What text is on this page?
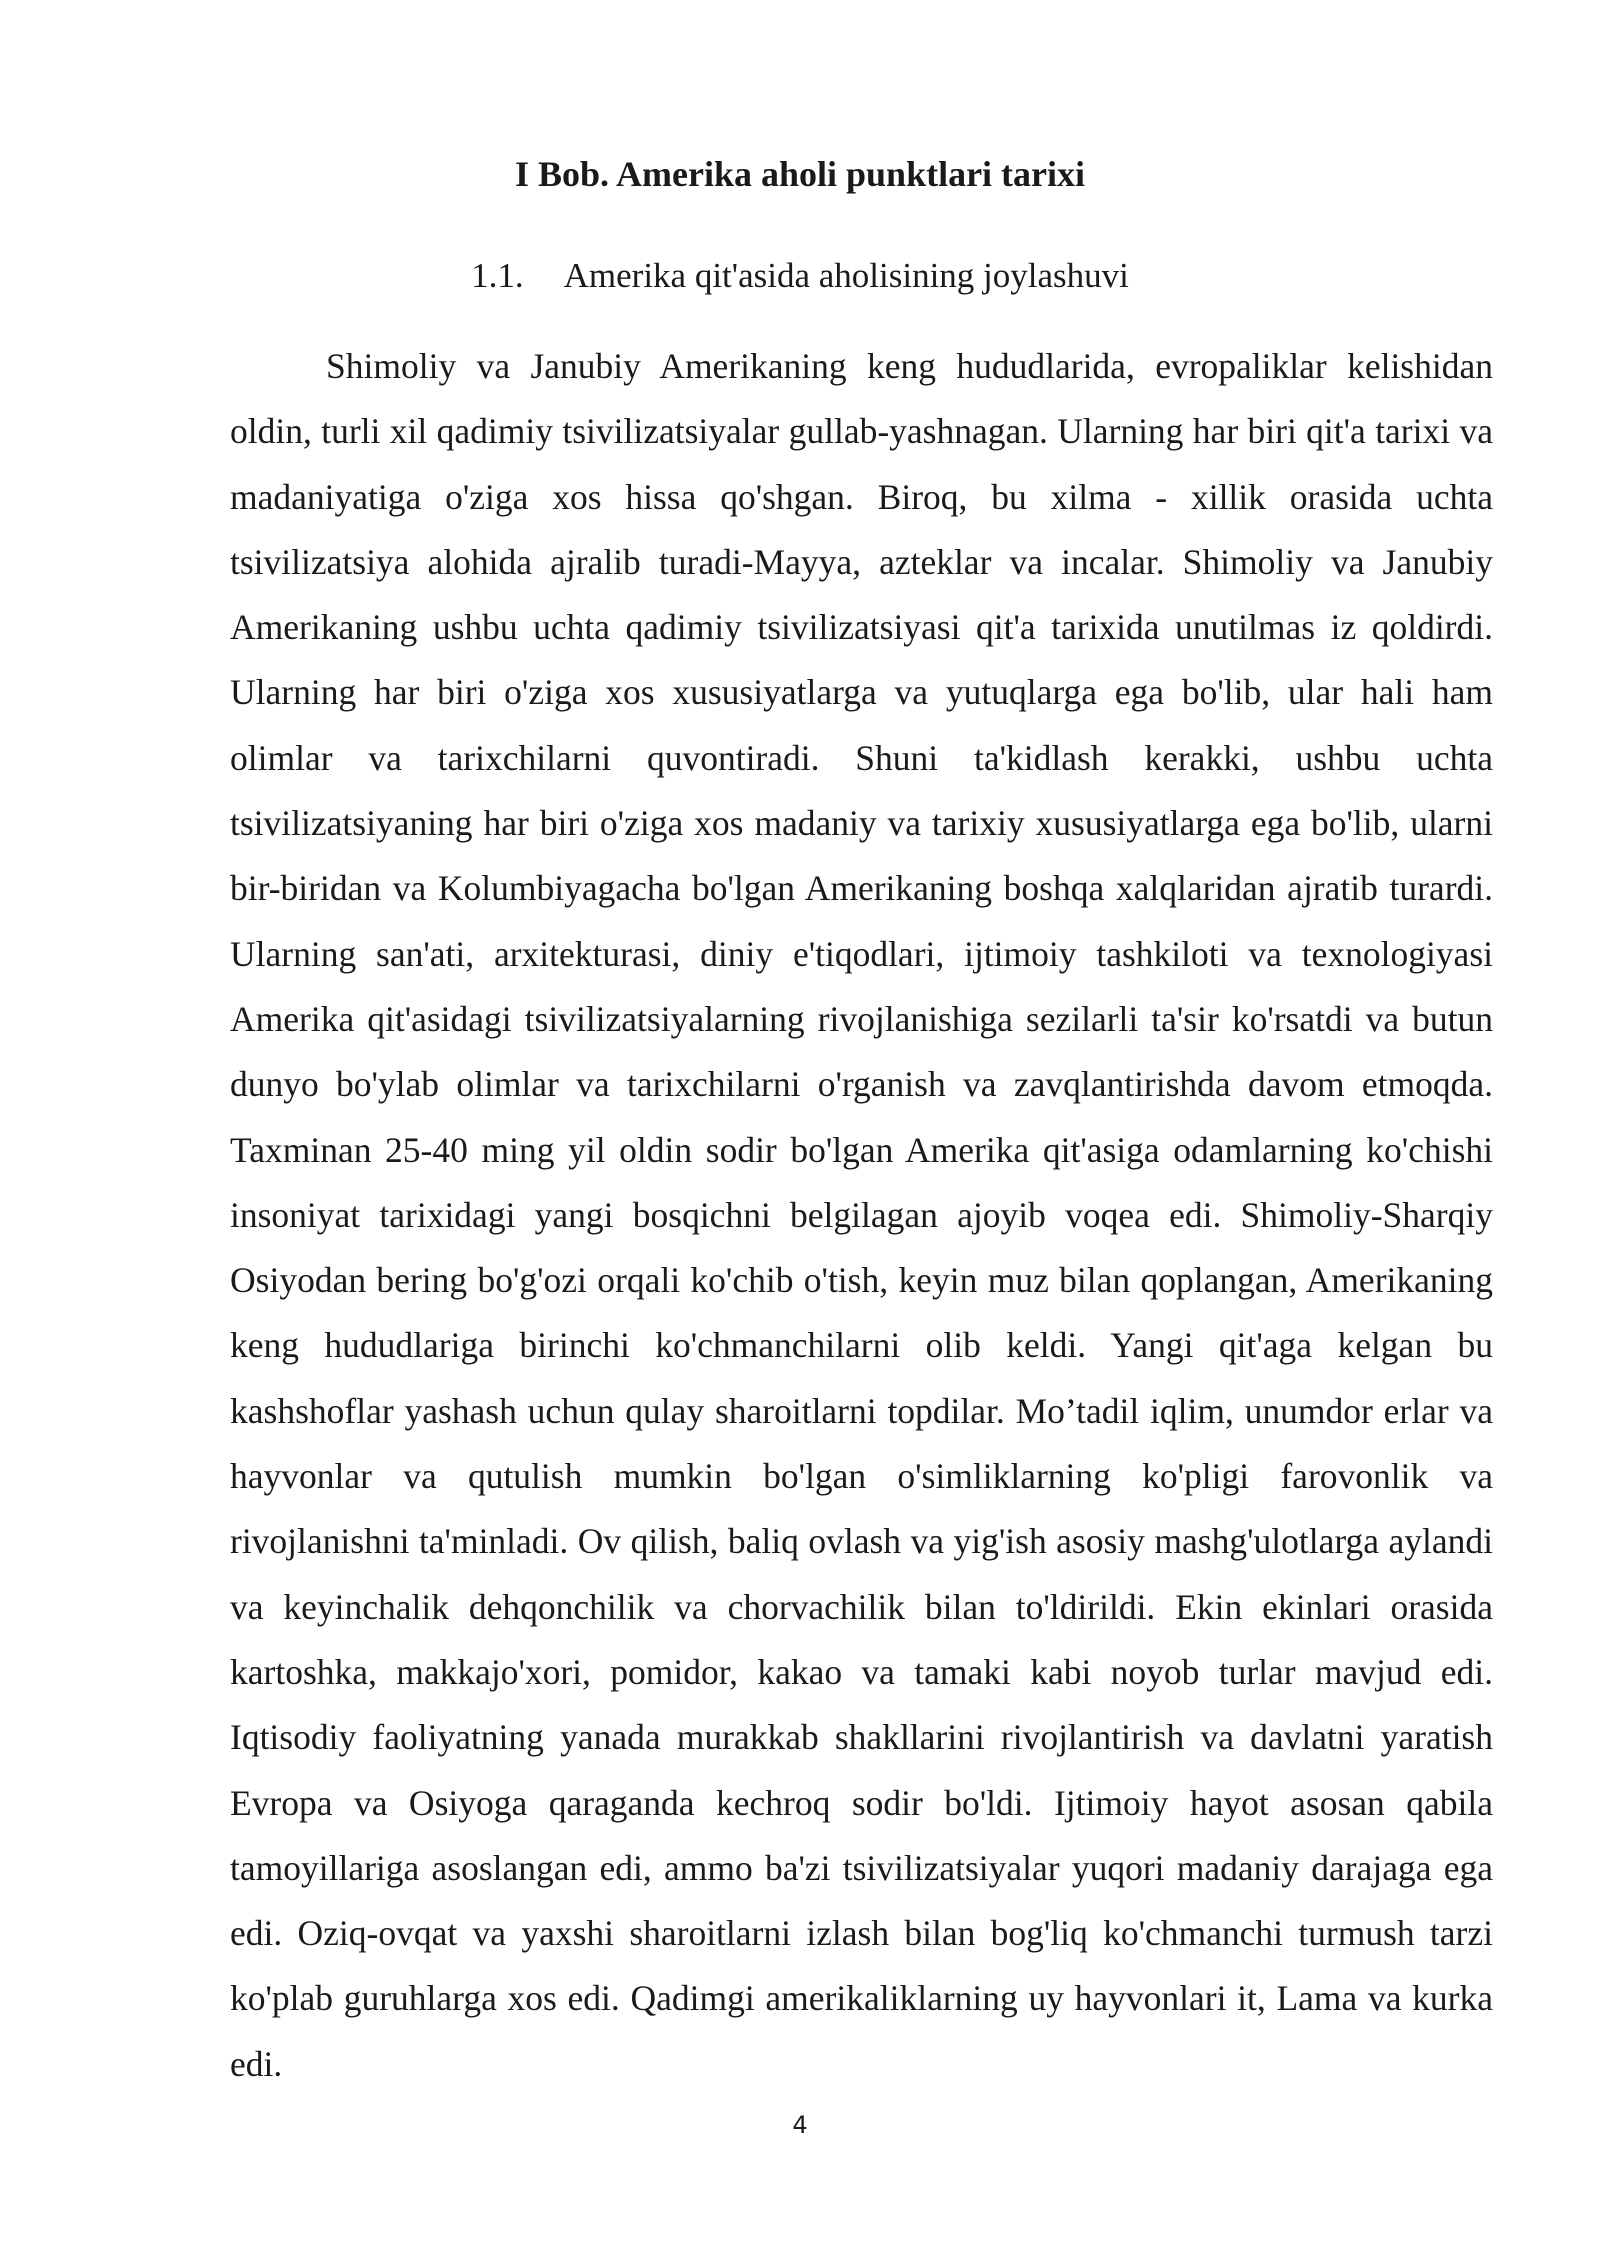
I Bob. Amerika aholi punktlari tarixi
1.1. Amerika qit'asida aholisining joylashuvi

Shimoliy va Janubiy Amerikaning keng hududlarida, evropaliklar kelishidan oldin, turli xil qadimiy tsivilizatsiyalar gullab-yashnagan. Ularning har biri qit'a tarixi va madaniyatiga o'ziga xos hissa qo'shgan. Biroq, bu xilma - xillik orasida uchta tsivilizatsiya alohida ajralib turadi-Mayya, azteklar va incalar. Shimoliy va Janubiy Amerikaning ushbu uchta qadimiy tsivilizatsiyasi qit'a tarixida unutilmas iz qoldirdi. Ularning har biri o'ziga xos xususiyatlarga va yutuqlarga ega bo'lib, ular hali ham olimlar va tarixchilarni quvontiradi. Shuni ta'kidlash kerakki, ushbu uchta tsivilizatsiyaning har biri o'ziga xos madaniy va tarixiy xususiyatlarga ega bo'lib, ularni bir-biridan va Kolumbiyagacha bo'lgan Amerikaning boshqa xalqlaridan ajratib turardi. Ularning san'ati, arxitekturasi, diniy e'tiqodlari, ijtimoiy tashkiloti va texnologiyasi Amerika qit'asidagi tsivilizatsiyalarning rivojlanishiga sezilarli ta'sir ko'rsatdi va butun dunyo bo'ylab olimlar va tarixchilarni o'rganish va zavqlantirishda davom etmoqda. Taxminan 25-40 ming yil oldin sodir bo'lgan Amerika qit'asiga odamlarning ko'chishi insoniyat tarixidagi yangi bosqichni belgilagan ajoyib voqea edi. Shimoliy-Sharqiy Osiyodan bering bo'g'ozi orqali ko'chib o'tish, keyin muz bilan qoplangan, Amerikaning keng hududlariga birinchi ko'chmanchilarni olib keldi. Yangi qit'aga kelgan bu kashshoflar yashash uchun qulay sharoitlarni topdilar. Mo’tadil iqlim, unumdor erlar va hayvonlar va qutulish mumkin bo'lgan o'simliklarning ko'pligi farovonlik va rivojlanishni ta'minladi. Ov qilish, baliq ovlash va yig'ish asosiy mashg'ulotlarga aylandi va keyinchalik dehqonchilik va chorvachilik bilan to'ldirildi. Ekin ekinlari orasida kartoshka, makkajo'xori, pomidor, kakao va tamaki kabi noyob turlar mavjud edi. Iqtisodiy faoliyatning yanada murakkab shakllarini rivojlantirish va davlatni yaratish Evropa va Osiyoga qaraganda kechroq sodir bo'ldi. Ijtimoiy hayot asosan qabila tamoyillariga asoslangan edi, ammo ba'zi tsivilizatsiyalar yuqori madaniy darajaga ega edi. Oziq-ovqat va yaxshi sharoitlarni izlash bilan bog'liq ko'chmanchi turmush tarzi ko'plab guruhlarga xos edi. Qadimgi amerikaliklarning uy hayvonlari it, Lama va kurka edi.

4
